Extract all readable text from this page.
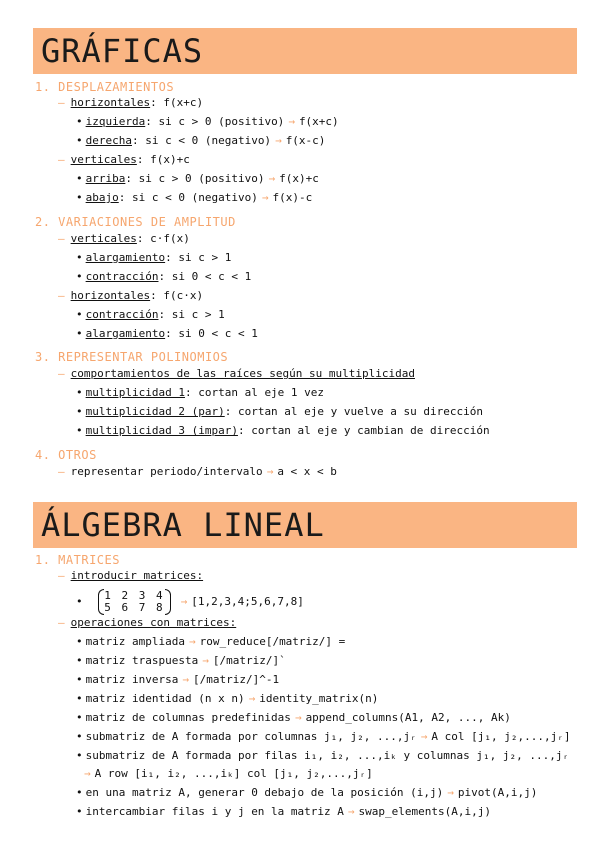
GRÁFICAS
1. DESPLAZAMIENTOS
– horizontales: f(x+c)
• izquierda: si c > 0 (positivo) → f(x+c)
• derecha: si c < 0 (negativo) → f(x-c)
– verticales: f(x)+c
• arriba: si c > 0 (positivo) → f(x)+c
• abajo: si c < 0 (negativo) → f(x)-c
2. VARIACIONES DE AMPLITUD
– verticales: c·f(x)
• alargamiento: si c > 1
• contracción: si 0 < c < 1
– horizontales: f(c·x)
• contracción: si c > 1
• alargamiento: si 0 < c < 1
3. REPRESENTAR POLINOMIOS
– comportamientos de las raíces según su multiplicidad
• multiplicidad 1: cortan al eje 1 vez
• multiplicidad 2 (par): cortan al eje y vuelve a su dirección
• multiplicidad 3 (impar): cortan al eje y cambian de dirección
4. OTROS
– representar periodo/intervalo → a < x < b
ÁLGEBRA LINEAL
1. MATRICES
– introducir matrices:
•	1 2 3 4
5 6 7 8	→ [1,2,3,4;5,6,7,8]
– operaciones con matrices:
• matriz ampliada → row_reduce[/matriz/] =
• matriz traspuesta → [/matriz/]`
• matriz inversa → [/matriz/]^-1
• matriz identidad (n x n) → identity_matrix(n)
• matriz de columnas predefinidas → append_columns(A1, A2, ..., Ak)
• submatriz de A formada por columnas j₁, j₂, ...,jᵣ → A col [j₁, j₂,...,jᵣ]
• submatriz de A formada por filas i₁, i₂, ...,iₖ y columnas j₁, j₂, ...,jᵣ
→ A row [i₁, i₂, ...,iₖ] col [j₁, j₂,...,jᵣ]
• en una matriz A, generar 0 debajo de la posición (i,j) → pivot(A,i,j)
• intercambiar filas i y j en la matriz A → swap_elements(A,i,j)
